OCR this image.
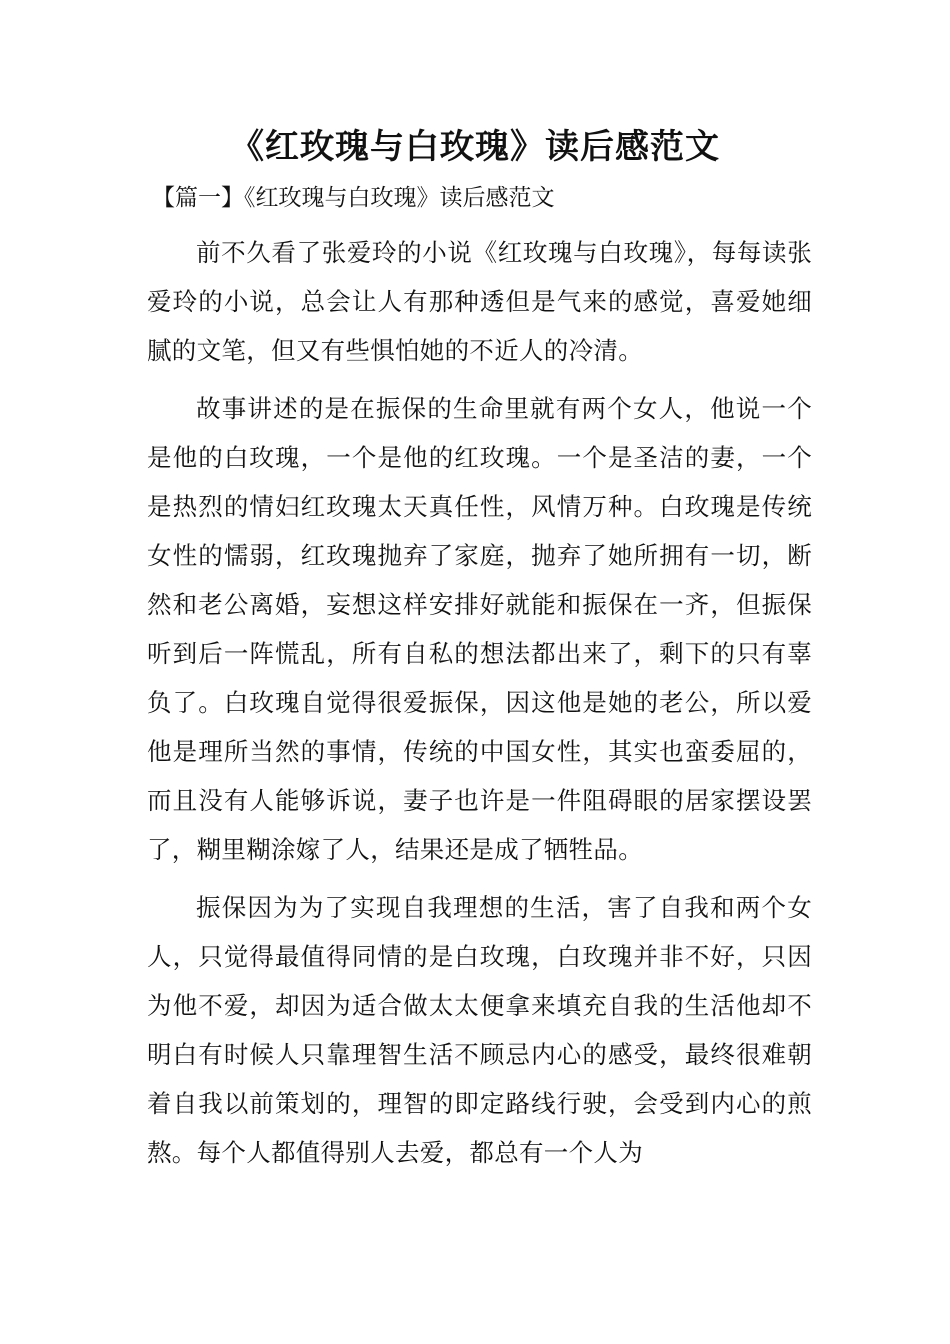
《红玫瑰与白玫瑰》读后感范文

【篇一】《红玫瑰与白玫瑰》读后感范文

前不久看了张爱玲的小说《红玫瑰与白玫瑰》，每每读张爱玲的小说，总会让人有那种透但是气来的感觉，喜爱她细腻的文笔，但又有些惧怕她的不近人的冷清。

故事讲述的是在振保的生命里就有两个女人，他说一个是他的白玫瑰，一个是他的红玫瑰。一个是圣洁的妻，一个是热烈的情妇红玫瑰太天真任性，风情万种。白玫瑰是传统女性的懦弱，红玫瑰抛弃了家庭，抛弃了她所拥有一切，断然和老公离婚，妄想这样安排好就能和振保在一齐，但振保听到后一阵慌乱，所有自私的想法都出来了，剩下的只有辜负了。白玫瑰自觉得很爱振保，因这他是她的老公，所以爱他是理所当然的事情，传统的中国女性，其实也蛮委屈的，而且没有人能够诉说，妻子也许是一件阻碍眼的居家摆设罢了，糊里糊涂嫁了人，结果还是成了牺牲品。

振保因为为了实现自我理想的生活，害了自我和两个女人，只觉得最值得同情的是白玫瑰，白玫瑰并非不好，只因为他不爱，却因为适合做太太便拿来填充自我的生活他却不明白有时候人只靠理智生活不顾忌内心的感受，最终很难朝着自我以前策划的，理智的即定路线行驶，会受到内心的煎熬。每个人都值得别人去爱，都总有一个人为
